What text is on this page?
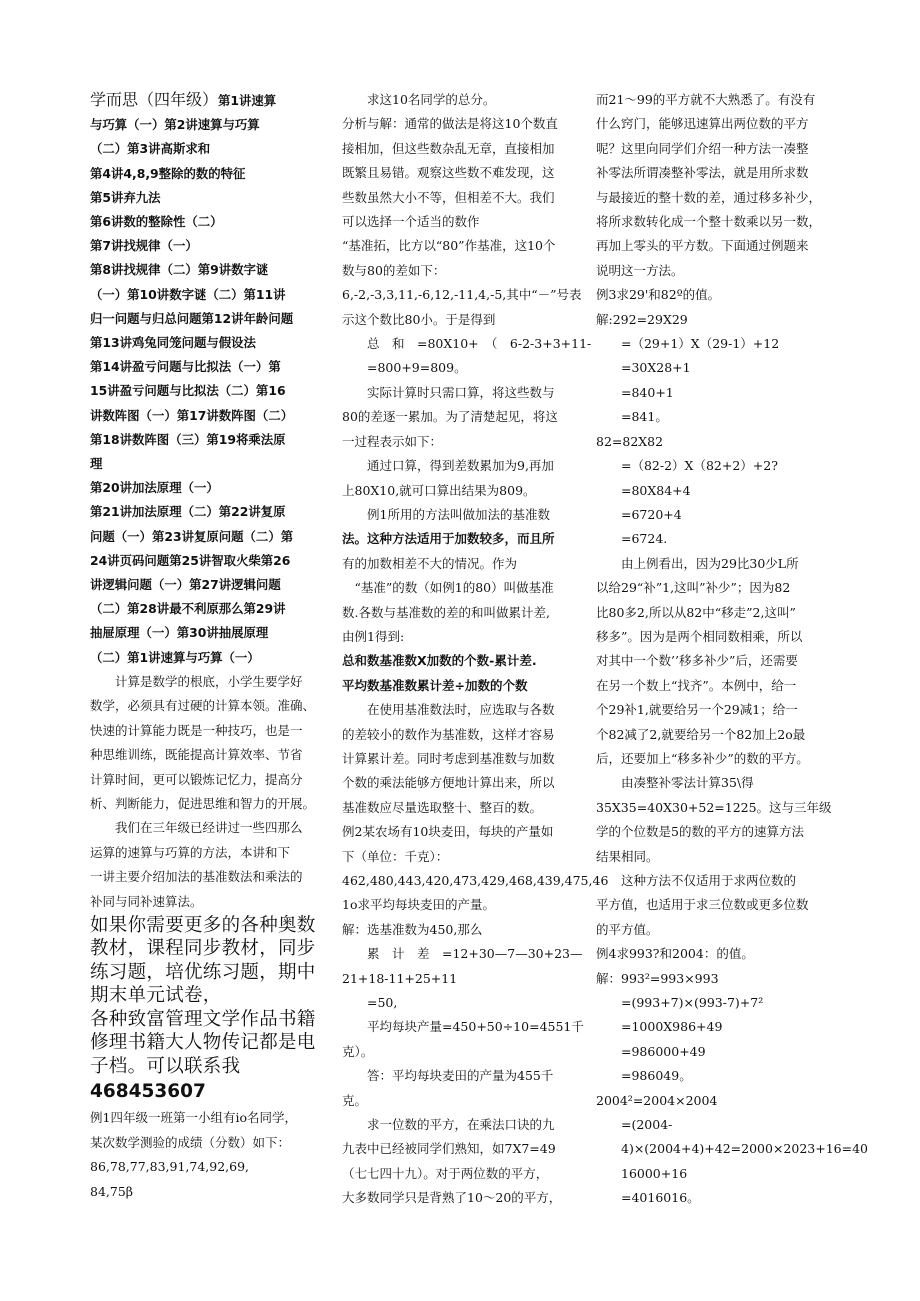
学而思（四年级）第1讲速算
与巧算（一）第2讲速算与巧算
（二）第3讲高斯求和
第4讲4,8,9整除的数的特征
第5讲弃九法
第6讲数的整除性（二）
第7讲找规律（一）
第8讲找规律（二）第9讲数字谜
（一）第10讲数字谜（二）第11讲
归一问题与归总问题第12讲年龄问题
第13讲鸡兔同笼问题与假设法
第14讲盈亏问题与比拟法（一）第
15讲盈亏问题与比拟法（二）第16
讲数阵图（一）第17讲数阵图（二）
第18讲数阵图（三）第19将乘法原
理
第20讲加法原理（一）
第21讲加法原理（二）第22讲复原
问题（一）第23讲复原问题（二）第
24讲页码问题第25讲智取火柴第26
讲逻辑问题（一）第27讲逻辑问题
（二）第28讲最不利原那么第29讲
抽屉原理（一）第30讲抽展原理
（二）第1讲速算与巧算（一）
　　计算是数学的根底，小学生要学好
数学，必须具有过硬的计算本领。准确、
快速的计算能力既是一种技巧，也是一
种思维训练，既能提高计算效率、节省
计算时间，更可以锻炼记忆力，提高分
析、判断能力，促进思维和智力的开展。
　　我们在三年级已经讲过一些四那么
运算的速算与巧算的方法，本讲和下
一讲主要介绍加法的基准数法和乘法的
补同与同补速算法。
如果你需要更多的各种奥数
教材，课程同步教材，同步
练习题，培优练习题，期中
期末单元试卷，
各种致富管理文学作品书籍
修理书籍大人物传记都是电
子档。可以联系我
468453607
例1四年级一班第一小组有io名同学，
某次数学测验的成绩（分数）如下：
86,78,77,83,91,74,92,69,
84,75β
　　求这10名同学的总分。
分析与解：通常的做法是将这10个数直
接相加，但这些数杂乱无章，直接相加
既繁且易错。观察这些数不难发现，这
些数虽然大小不等，但相差不大。我们
可以选择一个适当的数作
“基准拓，比方以“80”作基准，这10个
数与80的差如下：
6,-2,-3,3,11,-6,12,-11,4,-5,其中“－”号表
示这个数比80小。于是得到
　　总　和　=80X10+　（　6-2-3+3+11-
　　=800+9=809。
　　实际计算时只需口算，将这些数与
80的差逐一累加。为了清楚起见，将这
一过程表示如下：
　　通过口算，得到差数累加为9,再加
上80X10,就可口算出结果为809。
　　例1所用的方法叫做加法的基准数
法。这种方法适用于加数较多，而且所
有的加数相差不大的情况。作为
　“基准”的数（如例1的80）叫做基准
数.各数与基准数的差的和叫做累计差,
由例1得到:
总和数基准数X加数的个数-累计差.
平均数基准数累计差÷加数的个数
　　在使用基准数法时，应选取与各数
的差较小的数作为基准数，这样才容易
计算累计差。同时考虑到基准数与加数
个数的乘法能够方便地计算出来，所以
基准数应尽量选取整十、整百的数。
例2某农场有10块麦田，每块的产量如
下（单位：千克）：
462,480,443,420,473,429,468,439,475,46
1o求平均每块麦田的产量。
解：选基准数为450,那么
　　累　计　差　=12+30—7—30+23—
21+18-11+25+11
　　=50,
　　平均每块产量=450+50÷10=4551千
克）。
　　答：平均每块麦田的产量为455千
克。
　　求一位数的平方，在乘法口诀的九
九表中已经被同学们熟知，如7X7=49
（七七四十九）。对于两位数的平方，
大多数同学只是背熟了10～20的平方，
而21～99的平方就不大熟悉了。有没有
什么窍门，能够迅速算出两位数的平方
呢？这里向同学们介绍一种方法一凑整
补零法所谓凑整补零法，就是用所求数
与最接近的整十数的差，通过移多补少，
将所求数转化成一个整十数乘以另一数，
再加上零头的平方数。下面通过例题来
说明这一方法。
例3求29'和82º的值。
解:292=29X29
　　=（29+1）X（29-1）+12
　　=30X28+1
　　=840+1
　　=841。
82=82X82
　　=（82-2）X（82+2）+2?
　　=80X84+4
　　=6720+4
　　=6724.
　　由上例看出，因为29比30少L所
以给29“补”1,这叫”补少”；因为82
比80多2,所以从82中“移走”2,这叫”
移多”。因为是两个相同数相乘，所以
对其中一个数’’移多补少”后，还需要
在另一个数上“找齐”。本例中，给一
个29补1,就要给另一个29减1；给一
个82减了2,就要给另一个82加上2o最
后，还要加上“移多补少”的数的平方。
　　由凑整补零法计算35\得
35X35=40X30+52=1225。这与三年级
学的个位数是5的数的平方的速算方法
结果相同。
　　这种方法不仅适用于求两位数的
平方值，也适用于求三位数或更多位数
的平方值。
例4求993?和2004：的值。
解：993²=993×993
　　=(993+7)×(993-7)+7²
　　=1000X986+49
　　=986000+49
　　=986049。
2004²=2004×2004
　　=(2004-
　　4)×(2004+4)+42=2000×2023+16=40
　　16000+16
　　=4016016。
